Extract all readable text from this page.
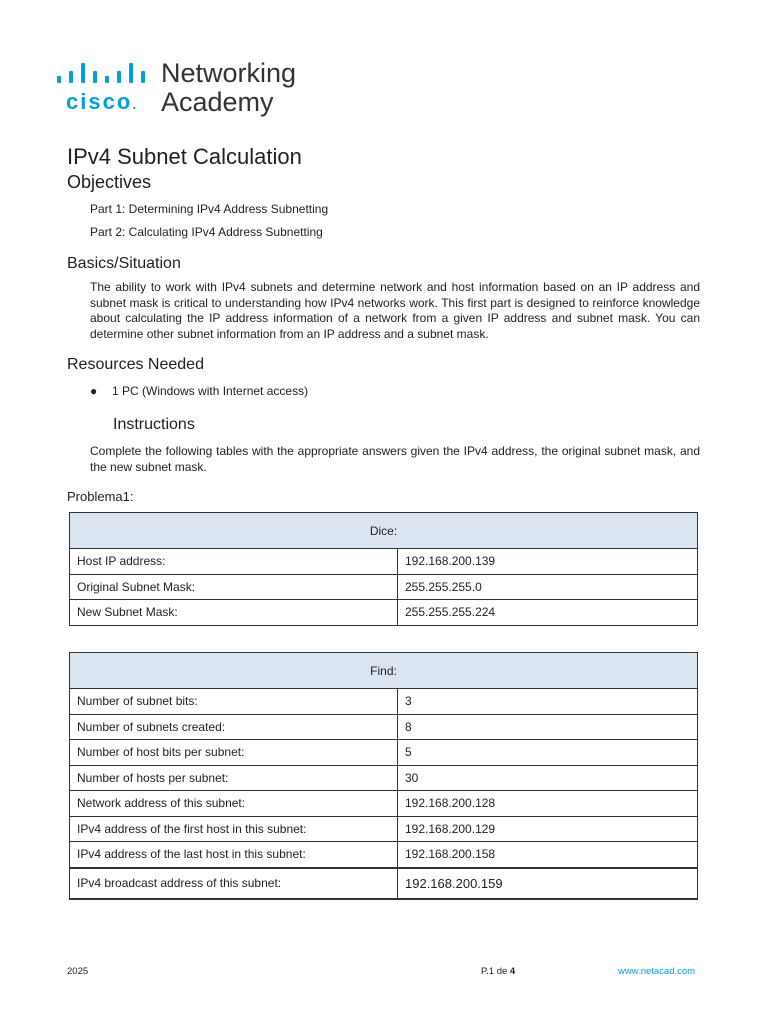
cisco.
Networking
Academy
IPv4 Subnet Calculation
Objectives
Part 1: Determining IPv4 Address Subnetting
Part 2: Calculating IPv4 Address Subnetting
Basics/Situation
The ability to work with IPv4 subnets and determine network and host information based on an IP address and subnet mask is critical to understanding how IPv4 networks work. This first part is designed to reinforce knowledge about calculating the IP address information of a network from a given IP address and subnet mask. You can determine other subnet information from an IP address and a subnet mask.
Resources Needed
● 1 PC (Windows with Internet access)
Instructions
Complete the following tables with the appropriate answers given the IPv4 address, the original subnet mask, and the new subnet mask.
Problema1:
Dice:	
Host IP address:	192.168.200.139
Original Subnet Mask:	255.255.255.0
New Subnet Mask:	255.255.255.224
Find:	
Number of subnet bits:	3
Number of subnets created:	8
Number of host bits per subnet:	5
Number of hosts per subnet:	30
Network address of this subnet:	192.168.200.128
IPv4 address of the first host in this subnet:	192.168.200.129
IPv4 address of the last host in this subnet:	192.168.200.158
IPv4 broadcast address of this subnet:	192.168.200.159
2025	P.1 de 4	www.netacad.com
